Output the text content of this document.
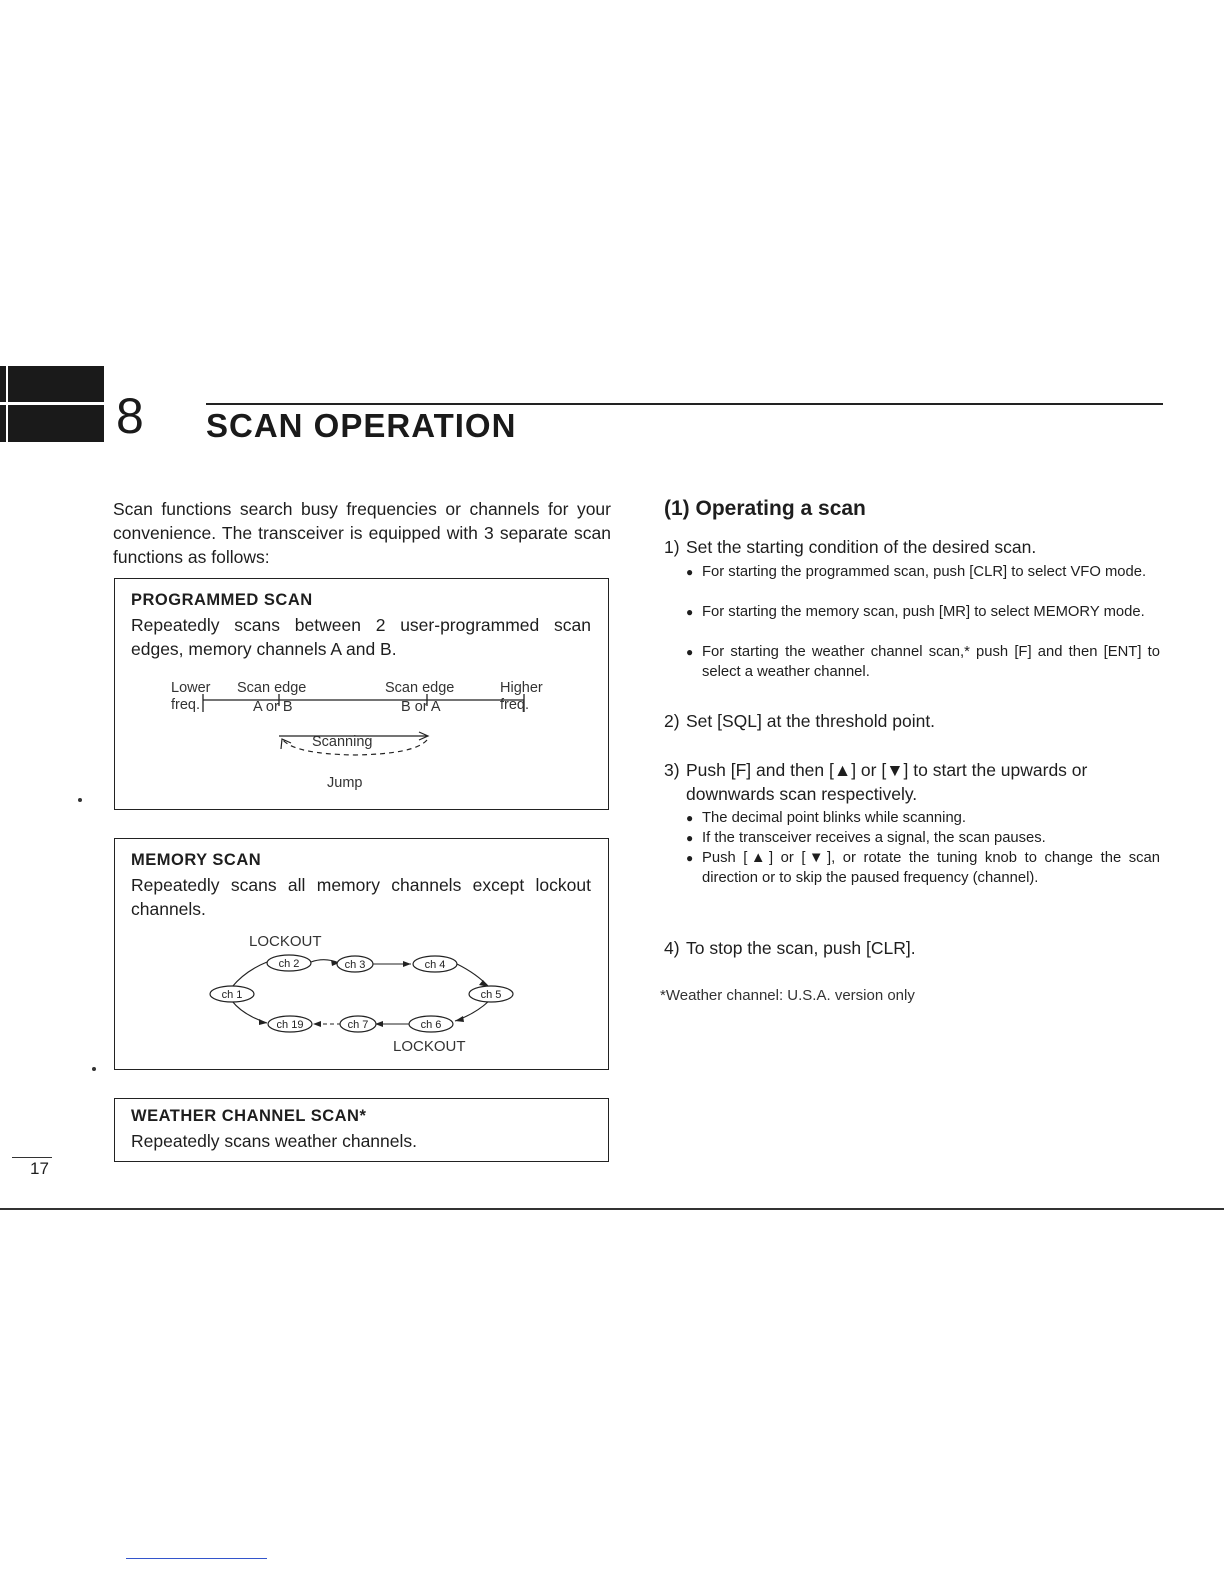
8 SCAN OPERATION
Scan functions search busy frequencies or channels for your convenience. The transceiver is equipped with 3 separate scan functions as follows:
PROGRAMMED SCAN
Repeatedly scans between 2 user-programmed scan edges, memory channels A and B.
Lower
freq.
Scan edge
A or B
Scan edge
B or A
Higher
freq.
Scanning
Jump
MEMORY SCAN
Repeatedly scans all memory channels except lockout channels.
LOCKOUT
LOCKOUT
ch 1
ch 2	ch 3	ch 4
ch 5
ch 6
ch 7
ch 19
WEATHER CHANNEL SCAN*
Repeatedly scans weather channels.
(1) Operating a scan
1) Set the starting condition of the desired scan.
● For starting the programmed scan, push [CLR] to select VFO mode.
● For starting the memory scan, push [MR] to select MEMORY mode.
● For starting the weather channel scan,* push [F] and then [ENT] to select a weather channel.
2) Set [SQL] at the threshold point.
3) Push [F] and then [▲] or [▼] to start the upwards or downwards scan respectively.
● The decimal point blinks while scanning.
● If the transceiver receives a signal, the scan pauses.
● Push [▲] or [▼], or rotate the tuning knob to change the scan direction or to skip the paused frequency (channel).
4) To stop the scan, push [CLR].
*Weather channel: U.S.A. version only
17
